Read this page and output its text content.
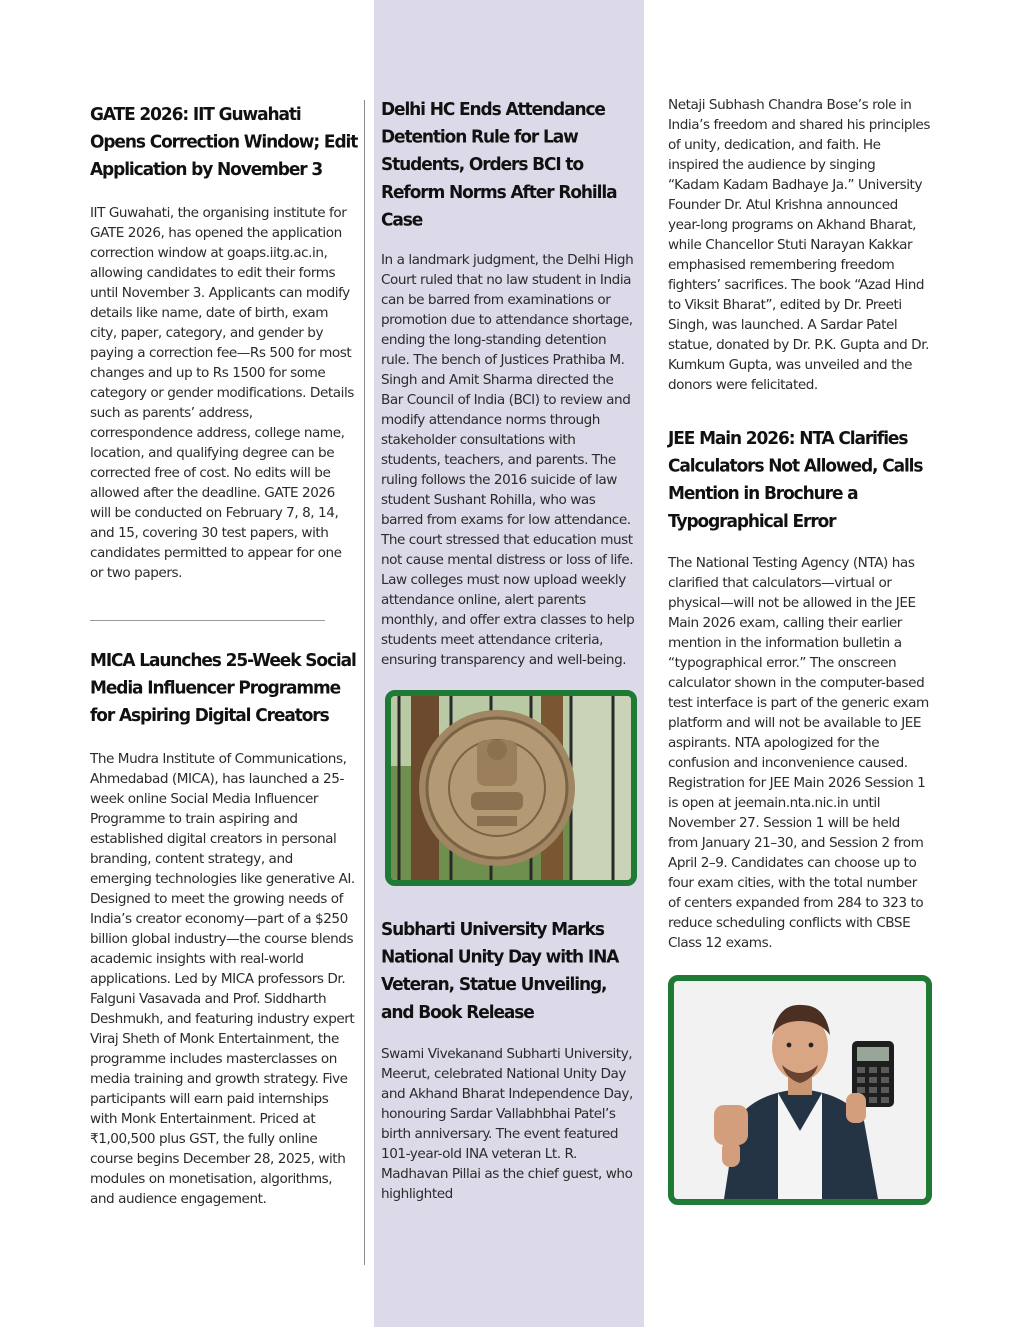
GATE 2026: IIT Guwahati Opens Correction Window; Edit Application by November 3

IIT Guwahati, the organising institute for GATE 2026, has opened the application correction window at goaps.iitg.ac.in, allowing candidates to edit their forms until November 3. Applicants can modify details like name, date of birth, exam city, paper, category, and gender by paying a correction fee—Rs 500 for most changes and up to Rs 1500 for some category or gender modifications. Details such as parents’ address, correspondence address, college name, location, and qualifying degree can be corrected free of cost. No edits will be allowed after the deadline. GATE 2026 will be conducted on February 7, 8, 14, and 15, covering 30 test papers, with candidates permitted to appear for one or two papers.

MICA Launches 25-Week Social Media Influencer Programme for Aspiring Digital Creators

The Mudra Institute of Communications, Ahmedabad (MICA), has launched a 25-week online Social Media Influencer Programme to train aspiring and established digital creators in personal branding, content strategy, and emerging technologies like generative AI. Designed to meet the growing needs of India’s creator economy—part of a $250 billion global industry—the course blends academic insights with real-world applications. Led by MICA professors Dr. Falguni Vasavada and Prof. Siddharth Deshmukh, and featuring industry expert Viraj Sheth of Monk Entertainment, the programme includes masterclasses on media training and growth strategy. Five participants will earn paid internships with Monk Entertainment. Priced at ₹1,00,500 plus GST, the fully online course begins December 28, 2025, with modules on monetisation, algorithms, and audience engagement.

Delhi HC Ends Attendance Detention Rule for Law Students, Orders BCI to Reform Norms After Rohilla Case

In a landmark judgment, the Delhi High Court ruled that no law student in India can be barred from examinations or promotion due to attendance shortage, ending the long-standing detention rule. The bench of Justices Prathiba M. Singh and Amit Sharma directed the Bar Council of India (BCI) to review and modify attendance norms through stakeholder consultations with students, teachers, and parents. The ruling follows the 2016 suicide of law student Sushant Rohilla, who was barred from exams for low attendance. The court stressed that education must not cause mental distress or loss of life. Law colleges must now upload weekly attendance online, alert parents monthly, and offer extra classes to help students meet attendance criteria, ensuring transparency and well-being.

Subharti University Marks National Unity Day with INA Veteran, Statue Unveiling, and Book Release

Swami Vivekanand Subharti University, Meerut, celebrated National Unity Day and Akhand Bharat Independence Day, honouring Sardar Vallabhbhai Patel’s birth anniversary. The event featured 101-year-old INA veteran Lt. R. Madhavan Pillai as the chief guest, who highlighted

Netaji Subhash Chandra Bose’s role in India’s freedom and shared his principles of unity, dedication, and faith. He inspired the audience by singing “Kadam Kadam Badhaye Ja.” University Founder Dr. Atul Krishna announced year-long programs on Akhand Bharat, while Chancellor Stuti Narayan Kakkar emphasised remembering freedom fighters’ sacrifices. The book “Azad Hind to Viksit Bharat”, edited by Dr. Preeti Singh, was launched. A Sardar Patel statue, donated by Dr. P.K. Gupta and Dr. Kumkum Gupta, was unveiled and the donors were felicitated.

JEE Main 2026: NTA Clarifies Calculators Not Allowed, Calls Mention in Brochure a Typographical Error

The National Testing Agency (NTA) has clarified that calculators—virtual or physical—will not be allowed in the JEE Main 2026 exam, calling their earlier mention in the information bulletin a “typographical error.” The onscreen calculator shown in the computer-based test interface is part of the generic exam platform and will not be available to JEE aspirants. NTA apologized for the confusion and inconvenience caused. Registration for JEE Main 2026 Session 1 is open at jeemain.nta.nic.in until November 27. Session 1 will be held from January 21–30, and Session 2 from April 2–9. Candidates can choose up to four exam cities, with the total number of centers expanded from 284 to 323 to reduce scheduling conflicts with CBSE Class 12 exams.
